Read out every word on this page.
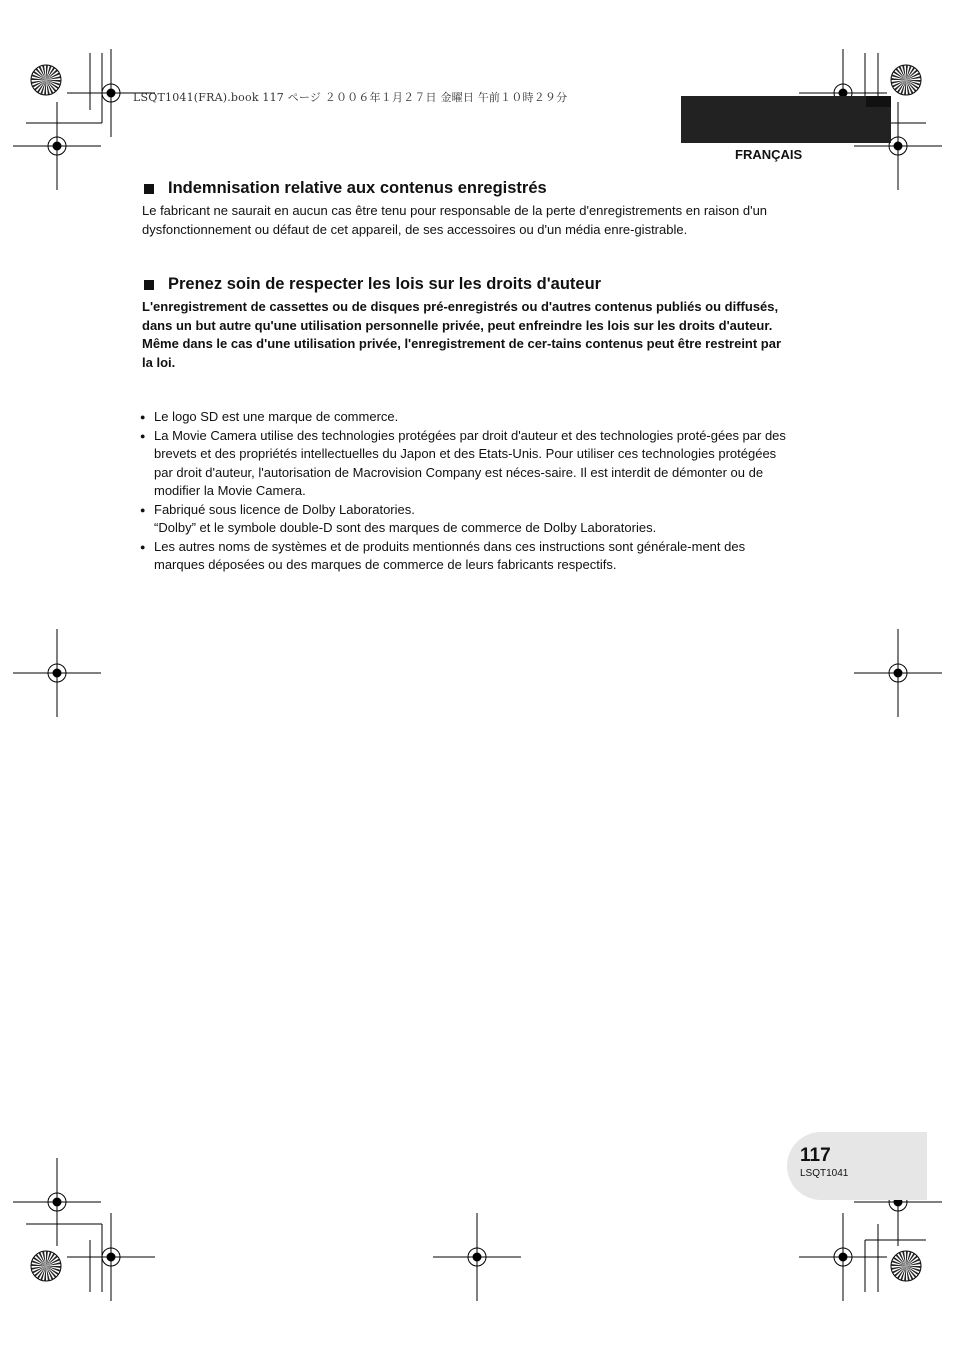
LSQT1041(FRA).book 117 ページ ２００６年１月２７日 金曜日 午前１０時２９分
FRANÇAIS
Indemnisation relative aux contenus enregistrés

Le fabricant ne saurait en aucun cas être tenu pour responsable de la perte d'enregistrements en raison d'un dysfonctionnement ou défaut de cet appareil, de ses accessoires ou d'un média enre-gistrable.

Prenez soin de respecter les lois sur les droits d'auteur

L'enregistrement de cassettes ou de disques pré-enregistrés ou d'autres contenus publiés ou diffusés, dans un but autre qu'une utilisation personnelle privée, peut enfreindre les lois sur les droits d'auteur. Même dans le cas d'une utilisation privée, l'enregistrement de cer-tains contenus peut être restreint par la loi.

● Le logo SD est une marque de commerce.
● La Movie Camera utilise des technologies protégées par droit d'auteur et des technologies proté-gées par des brevets et des propriétés intellectuelles du Japon et des Etats-Unis. Pour utiliser ces technologies protégées par droit d'auteur, l'autorisation de Macrovision Company est néces-saire. Il est interdit de démonter ou de modifier la Movie Camera.
● Fabriqué sous licence de Dolby Laboratories.
“Dolby” et le symbole double-D sont des marques de commerce de Dolby Laboratories.
● Les autres noms de systèmes et de produits mentionnés dans ces instructions sont générale-ment des marques déposées ou des marques de commerce de leurs fabricants respectifs.
117
LSQT1041
